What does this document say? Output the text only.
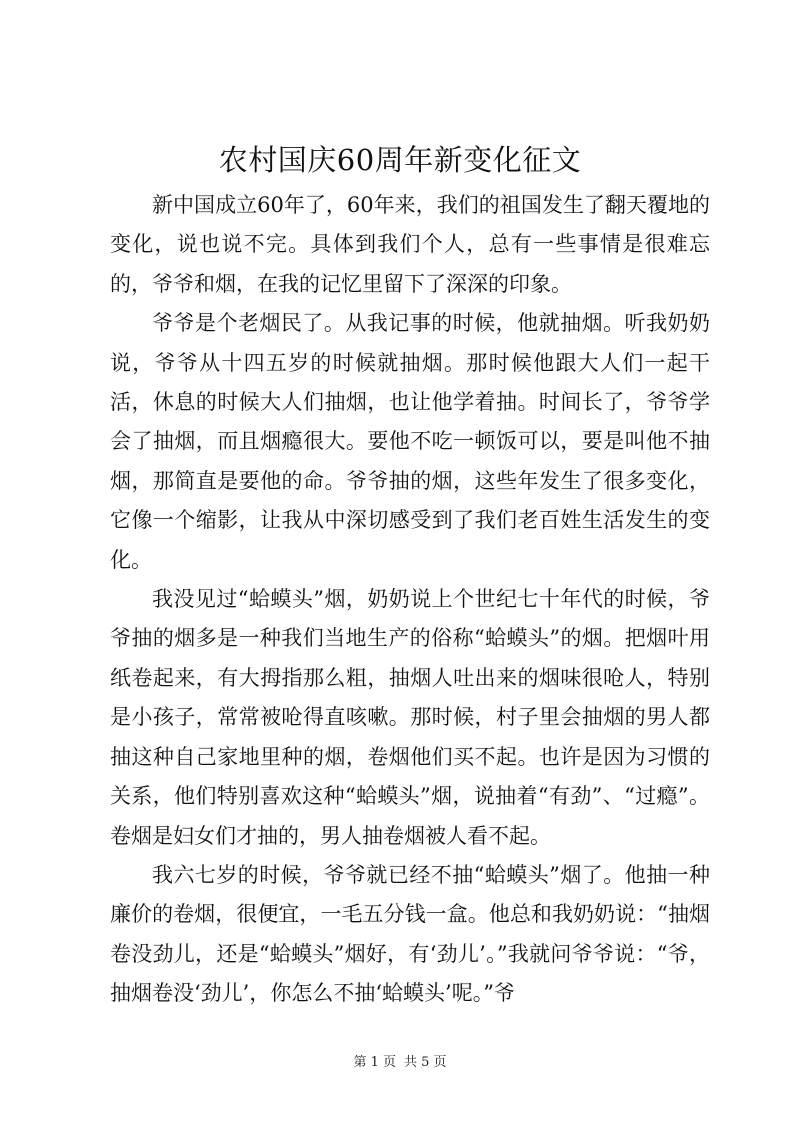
农村国庆60周年新变化征文

新中国成立60年了，60年来，我们的祖国发生了翻天覆地的变化，说也说不完。具体到我们个人，总有一些事情是很难忘的，爷爷和烟，在我的记忆里留下了深深的印象。

爷爷是个老烟民了。从我记事的时候，他就抽烟。听我奶奶说，爷爷从十四五岁的时候就抽烟。那时候他跟大人们一起干活，休息的时候大人们抽烟，也让他学着抽。时间长了，爷爷学会了抽烟，而且烟瘾很大。要他不吃一顿饭可以，要是叫他不抽烟，那简直是要他的命。爷爷抽的烟，这些年发生了很多变化，它像一个缩影，让我从中深切感受到了我们老百姓生活发生的变化。

我没见过“蛤蟆头”烟，奶奶说上个世纪七十年代的时候，爷爷抽的烟多是一种我们当地生产的俗称“蛤蟆头”的烟。把烟叶用纸卷起来，有大拇指那么粗，抽烟人吐出来的烟味很呛人，特别是小孩子，常常被呛得直咳嗽。那时候，村子里会抽烟的男人都抽这种自己家地里种的烟，卷烟他们买不起。也许是因为习惯的关系，他们特别喜欢这种“蛤蟆头”烟，说抽着“有劲”、“过瘾”。卷烟是妇女们才抽的，男人抽卷烟被人看不起。

我六七岁的时候，爷爷就已经不抽“蛤蟆头”烟了。他抽一种廉价的卷烟，很便宜，一毛五分钱一盒。他总和我奶奶说：“抽烟卷没劲儿，还是“蛤蟆头”烟好，有‘劲儿’。”我就问爷爷说：“爷，抽烟卷没‘劲儿’，你怎么不抽‘蛤蟆头’呢。”爷

第 1 页 共 5 页
